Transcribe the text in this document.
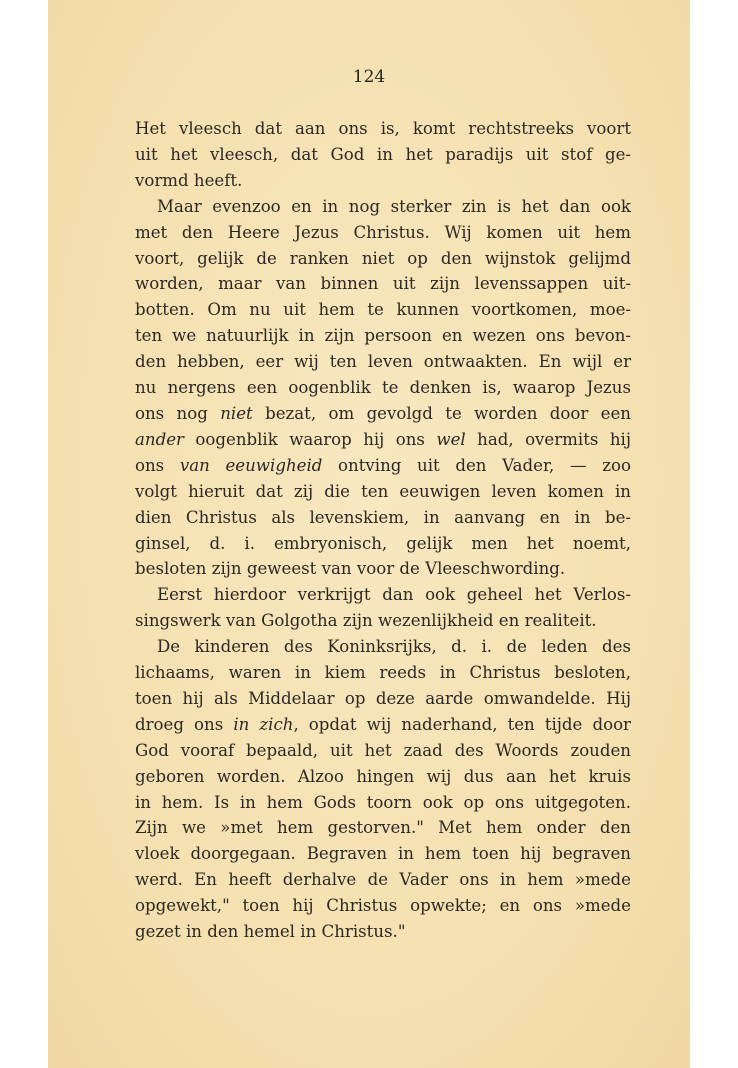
124
Het vleesch dat aan ons is, komt rechtstreeks voort
uit het vleesch, dat God in het paradijs uit stof ge-
vormd heeft.
Maar evenzoo en in nog sterker zin is het dan ook
met den Heere Jezus Christus. Wij komen uit hem
voort, gelijk de ranken niet op den wijnstok gelijmd
worden, maar van binnen uit zijn levenssappen uit-
botten. Om nu uit hem te kunnen voortkomen, moe-
ten we natuurlijk in zijn persoon en wezen ons bevon-
den hebben, eer wij ten leven ontwaakten. En wijl er
nu nergens een oogenblik te denken is, waarop Jezus
ons nog niet bezat, om gevolgd te worden door een
ander oogenblik waarop hij ons wel had, overmits hij
ons van eeuwigheid ontving uit den Vader, — zoo
volgt hieruit dat zij die ten eeuwigen leven komen in
dien Christus als levenskiem, in aanvang en in be-
ginsel, d. i. embryonisch, gelijk men het noemt,
besloten zijn geweest van voor de Vleeschwording.
Eerst hierdoor verkrijgt dan ook geheel het Verlos-
singswerk van Golgotha zijn wezenlijkheid en realiteit.
De kinderen des Koninksrijks, d. i. de leden des
lichaams, waren in kiem reeds in Christus besloten,
toen hij als Middelaar op deze aarde omwandelde. Hij
droeg ons in zich, opdat wij naderhand, ten tijde door
God vooraf bepaald, uit het zaad des Woords zouden
geboren worden. Alzoo hingen wij dus aan het kruis
in hem. Is in hem Gods toorn ook op ons uitgegoten.
Zijn we »met hem gestorven." Met hem onder den
vloek doorgegaan. Begraven in hem toen hij begraven
werd. En heeft derhalve de Vader ons in hem »mede
opgewekt," toen hij Christus opwekte; en ons »mede
gezet in den hemel in Christus."
